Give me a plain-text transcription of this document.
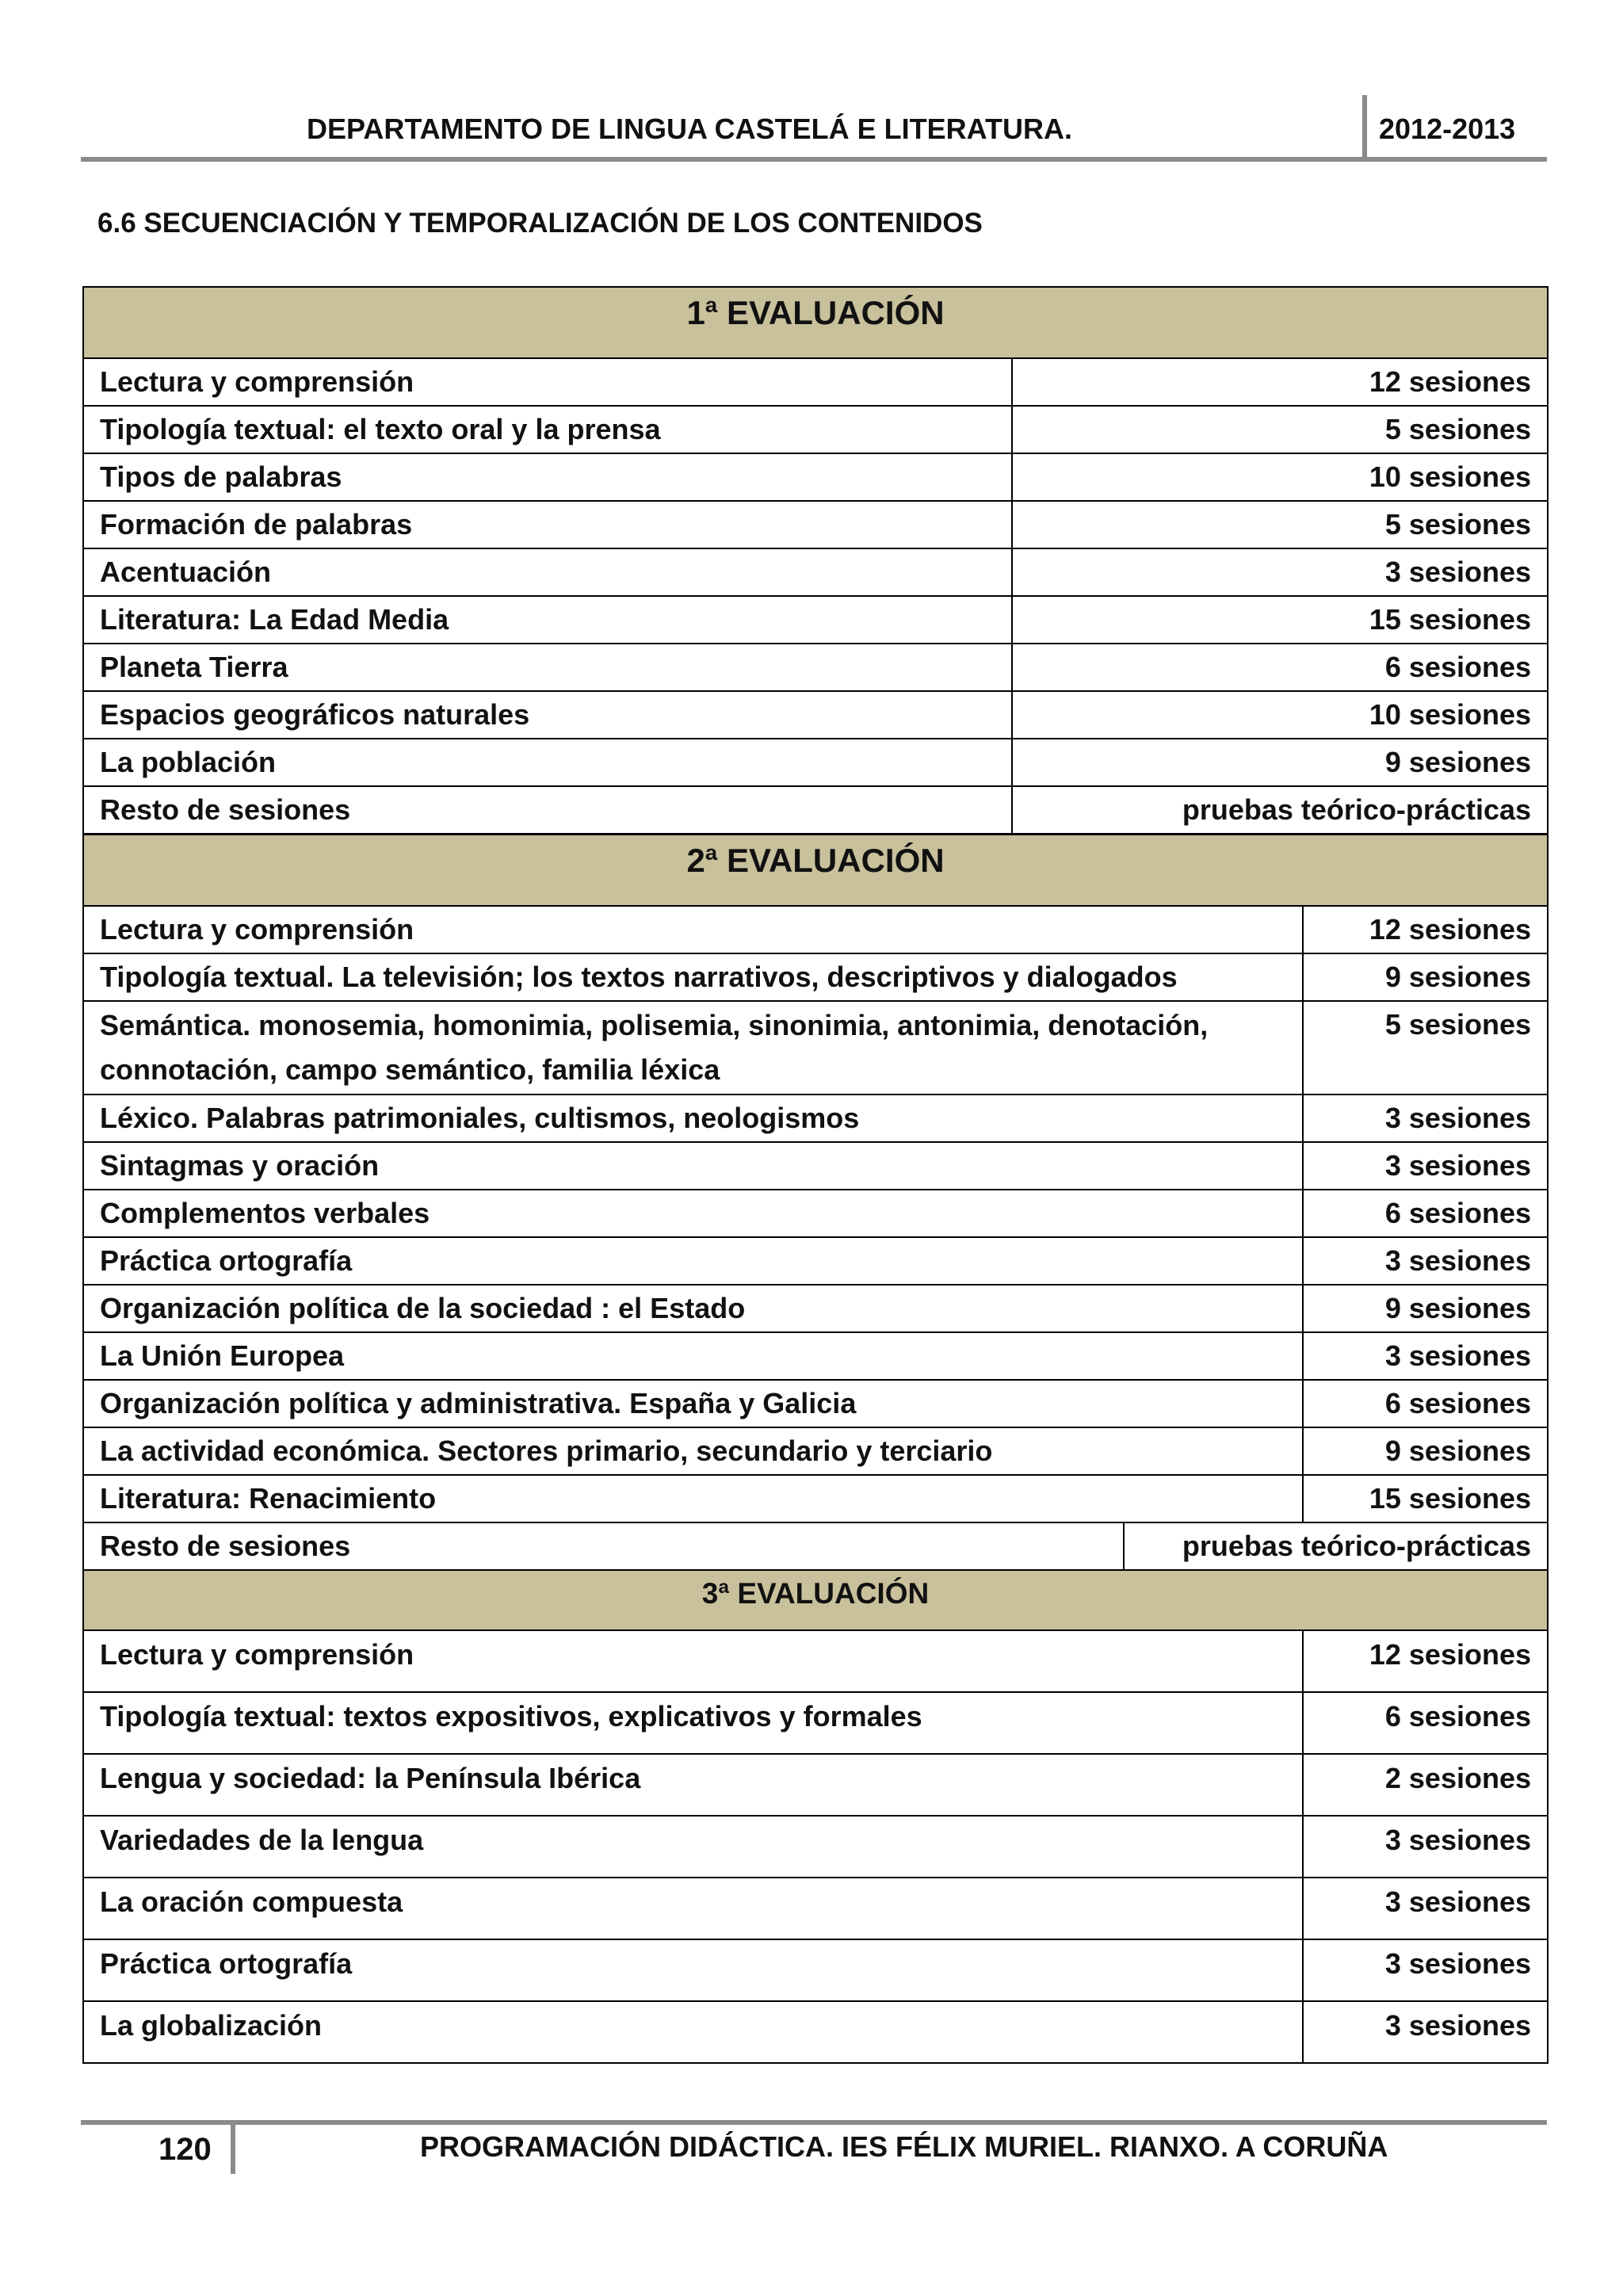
DEPARTAMENTO DE LINGUA CASTELÁ E LITERATURA.	2012-2013
6.6 SECUENCIACIÓN Y TEMPORALIZACIÓN DE LOS CONTENIDOS
1ª EVALUACIÓN	
Lectura y comprensión	12 sesiones
Tipología textual: el texto oral y la prensa	5 sesiones
Tipos de palabras	10 sesiones
Formación de palabras	5 sesiones
Acentuación	3 sesiones
Literatura: La Edad Media	15 sesiones
Planeta Tierra	6 sesiones
Espacios geográficos naturales	10 sesiones
La población	9 sesiones
Resto de sesiones	pruebas teórico-prácticas
2ª EVALUACIÓN		
Lectura y comprensión		12 sesiones
Tipología textual. La televisión; los textos narrativos, descriptivos y dialogados		9 sesiones
Semántica. monosemia, homonimia, polisemia, sinonimia, antonimia, denotación, connotación, campo semántico, familia léxica		5 sesiones
Léxico. Palabras patrimoniales, cultismos, neologismos		3 sesiones
Sintagmas y oración		3 sesiones
Complementos verbales		6 sesiones
Práctica ortografía		3 sesiones
Organización política de la sociedad : el Estado		9 sesiones
La Unión Europea		3 sesiones
Organización política y administrativa. España y Galicia		6 sesiones
La actividad económica. Sectores primario, secundario y terciario		9 sesiones
Literatura: Renacimiento		15 sesiones
Resto de sesiones	pruebas teórico-prácticas	
3ª EVALUACIÓN	
Lectura y comprensión	12 sesiones
Tipología textual: textos expositivos, explicativos y formales	6 sesiones
Lengua y sociedad: la Península Ibérica	2 sesiones
Variedades de la lengua	3 sesiones
La oración compuesta	3 sesiones
Práctica ortografía	3 sesiones
La globalización	3 sesiones
120	PROGRAMACIÓN DIDÁCTICA. IES FÉLIX MURIEL. RIANXO. A CORUÑA
